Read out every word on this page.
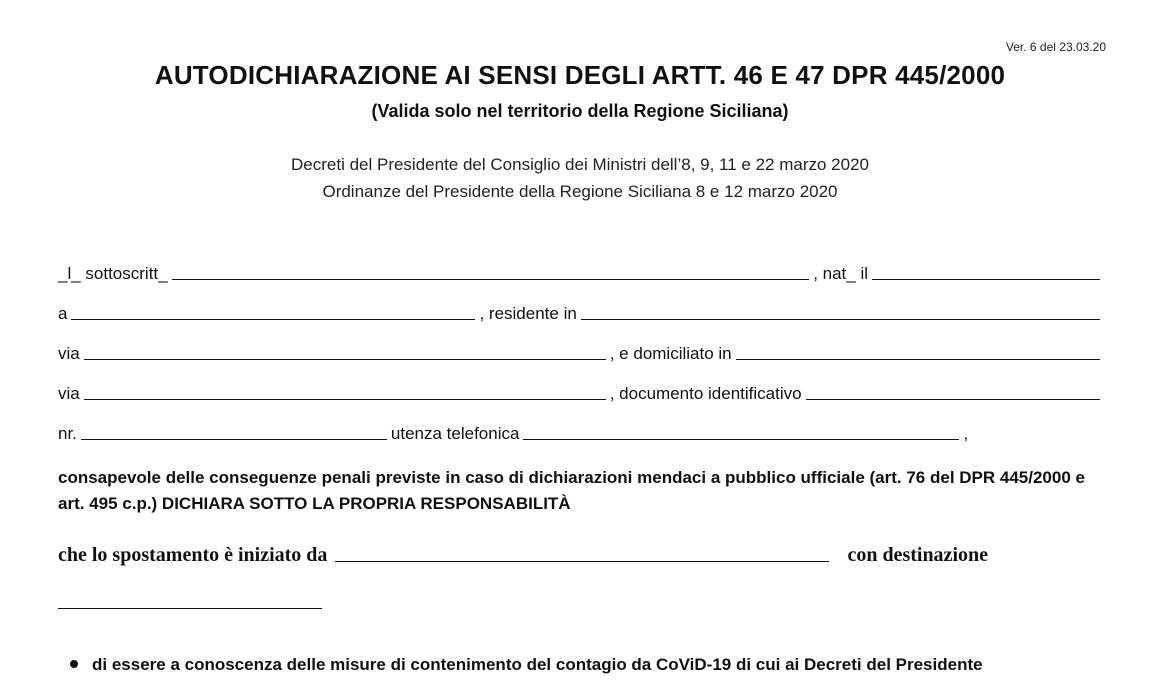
Ver. 6 del 23.03.20
AUTODICHIARAZIONE AI SENSI DEGLI ARTT. 46 E 47 DPR 445/2000
(Valida solo nel territorio della Regione Siciliana)
Decreti del Presidente del Consiglio dei Ministri dell’8, 9, 11 e 22 marzo 2020
Ordinanze del Presidente della Regione Siciliana 8 e 12 marzo 2020
_l_ sottoscritt_	, nat_ il
a	, residente in
via	, e domiciliato in
via	, documento identificativo
nr.	utenza telefonica	,
consapevole delle conseguenze penali previste in caso di dichiarazioni mendaci a pubblico ufficiale (art. 76 del DPR 445/2000 e art. 495 c.p.) DICHIARA SOTTO LA PROPRIA RESPONSABILITÀ
che lo spostamento è iniziato da	con destinazione
di essere a conoscenza delle misure di contenimento del contagio da CoViD-19 di cui ai Decreti del Presidente
